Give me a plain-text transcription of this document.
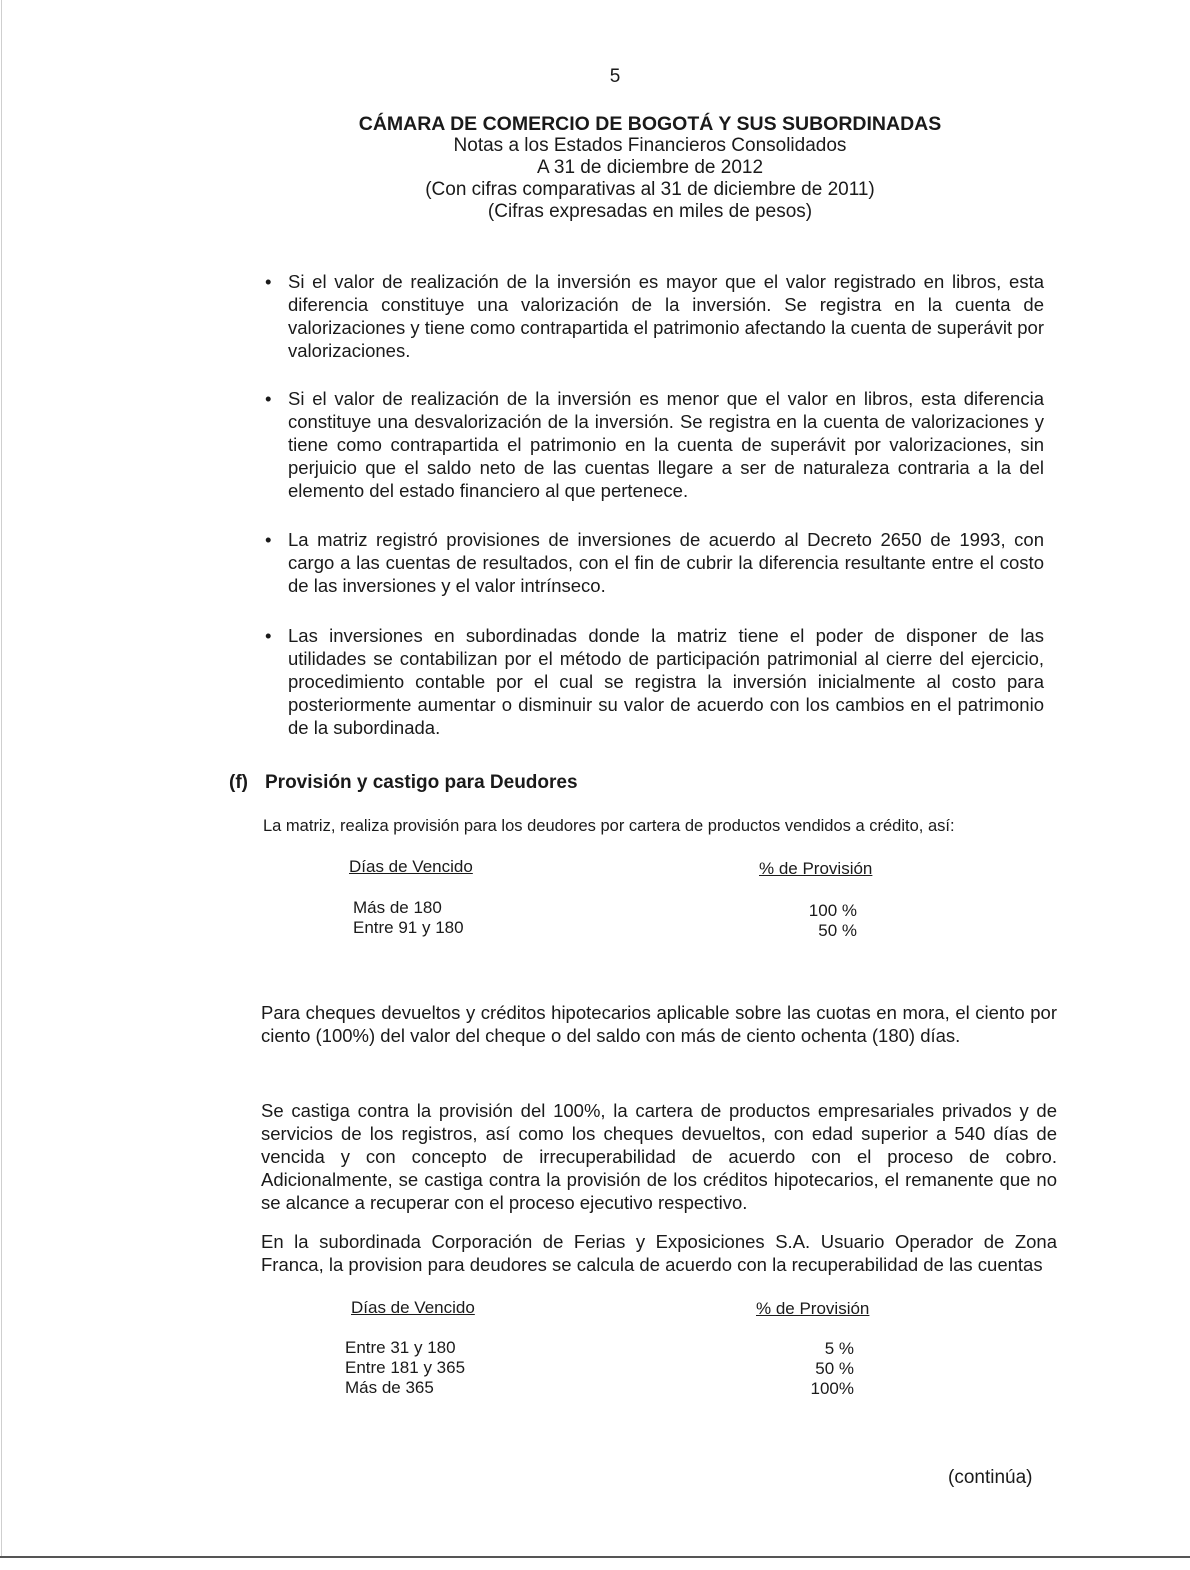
5
CÁMARA DE COMERCIO DE BOGOTÁ Y SUS SUBORDINADAS
Notas a los Estados Financieros Consolidados
A 31 de diciembre de 2012
(Con cifras comparativas al 31 de diciembre de 2011)
(Cifras expresadas en miles de pesos)
• Si el valor de realización de la inversión es mayor que el valor registrado en libros, esta diferencia constituye una valorización de la inversión. Se registra en la cuenta de valorizaciones y tiene como contrapartida el patrimonio afectando la cuenta de superávit por valorizaciones.
• Si el valor de realización de la inversión es menor que el valor en libros, esta diferencia constituye una desvalorización de la inversión. Se registra en la cuenta de valorizaciones y tiene como contrapartida el patrimonio en la cuenta de superávit por valorizaciones, sin perjuicio que el saldo neto de las cuentas llegare a ser de naturaleza contraria a la del elemento del estado financiero al que pertenece.
• La matriz registró provisiones de inversiones de acuerdo al Decreto 2650 de 1993, con cargo a las cuentas de resultados, con el fin de cubrir la diferencia resultante entre el costo de las inversiones y el valor intrínseco.
• Las inversiones en subordinadas donde la matriz tiene el poder de disponer de las utilidades se contabilizan por el método de participación patrimonial al cierre del ejercicio, procedimiento contable por el cual se registra la inversión inicialmente al costo para posteriormente aumentar o disminuir su valor de acuerdo con los cambios en el patrimonio de la subordinada.
(f) Provisión y castigo para Deudores
La matriz, realiza provisión para los deudores por cartera de productos vendidos a crédito, así:
Días de Vencido	% de Provisión
Más de 180	100 %
Entre 91 y 180	50 %
Para cheques devueltos y créditos hipotecarios aplicable sobre las cuotas en mora, el ciento por ciento (100%) del valor del cheque o del saldo con más de ciento ochenta (180) días.
Se castiga contra la provisión del 100%, la cartera de productos empresariales privados y de servicios de los registros, así como los cheques devueltos, con edad superior a 540 días de vencida y con concepto de irrecuperabilidad de acuerdo con el proceso de cobro. Adicionalmente, se castiga contra la provisión de los créditos hipotecarios, el remanente que no se alcance a recuperar con el proceso ejecutivo respectivo.
En la subordinada Corporación de Ferias y Exposiciones S.A. Usuario Operador de Zona Franca, la provision para deudores se calcula de acuerdo con la recuperabilidad de las cuentas
Días de Vencido	% de Provisión
Entre 31 y 180	5 %
Entre 181 y 365	50 %
Más de 365	100%
(continúa)
